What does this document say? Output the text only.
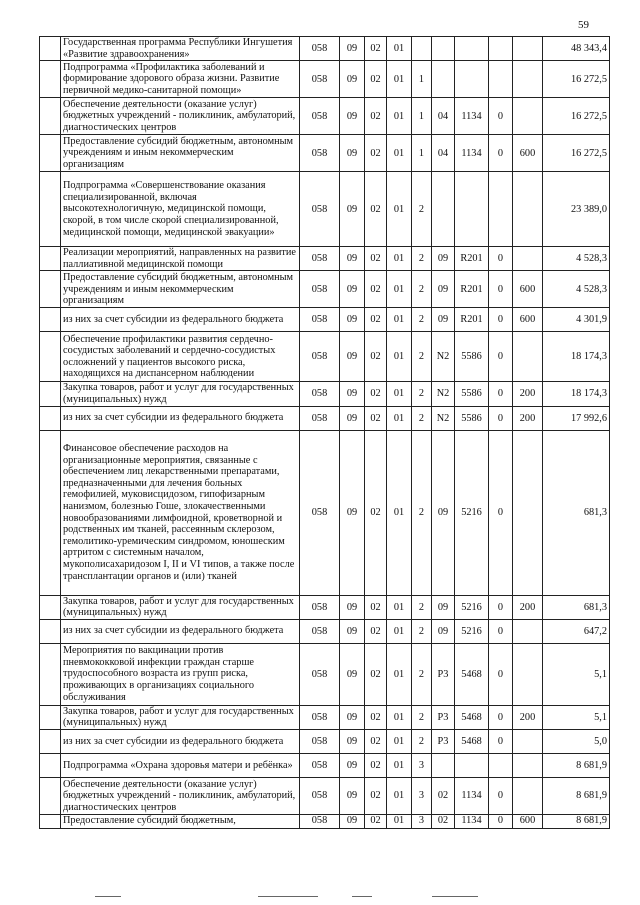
59
	Государственная программа Республики Ингушетия «Развитие здравоохранения»	058	09	02	01						48 343,4
	Подпрограмма «Профилактика заболеваний и формирование здорового образа жизни. Развитие первичной медико-санитарной помощи»	058	09	02	01	1					16 272,5
	Обеспечение деятельности (оказание услуг) бюджетных учреждений - поликлиник, амбулаторий, диагностических центров	058	09	02	01	1	04	1134	0		16 272,5
	Предоставление субсидий бюджетным, автономным учреждениям и иным некоммерческим организациям	058	09	02	01	1	04	1134	0	600	16 272,5
	Подпрограмма «Совершенствование оказания специализированной, включая высокотехнологичную, медицинской помощи, скорой, в том числе скорой специализированной, медицинской помощи, медицинской эвакуации»	058	09	02	01	2					23 389,0
	Реализации мероприятий, направленных на развитие паллиативной медицинской помощи	058	09	02	01	2	09	R201	0		4 528,3
	Предоставление субсидий бюджетным, автономным учреждениям и иным некоммерческим организациям	058	09	02	01	2	09	R201	0	600	4 528,3
	из них за счет субсидии из федерального бюджета	058	09	02	01	2	09	R201	0	600	4 301,9
	Обеспечение профилактики развития сердечно-сосудистых заболеваний и сердечно-сосудистых осложнений у пациентов высокого риска, находящихся на диспансерном наблюдении	058	09	02	01	2	N2	5586	0		18 174,3
	Закупка товаров, работ и услуг для государственных (муниципальных) нужд	058	09	02	01	2	N2	5586	0	200	18 174,3
	из них за счет субсидии из федерального бюджета	058	09	02	01	2	N2	5586	0	200	17 992,6
	Финансовое обеспечение расходов на организационные мероприятия, связанные с обеспечением лиц лекарственными препаратами, предназначенными для лечения больных гемофилией, муковисцидозом, гипофизарным нанизмом, болезнью Гоше, злокачественными новообразованиями лимфоидной, кроветворной и родственных им тканей, рассеянным склерозом, гемолитико-уремическим синдромом, юношеским артритом с системным началом, мукополисахаридозом I, II и VI типов, а также после трансплантации органов и (или) тканей	058	09	02	01	2	09	5216	0		681,3
	Закупка товаров, работ и услуг для государственных (муниципальных) нужд	058	09	02	01	2	09	5216	0	200	681,3
	из них за счет субсидии из федерального бюджета	058	09	02	01	2	09	5216	0		647,2
	Мероприятия по вакцинации против пневмококковой инфекции граждан старше трудоспособного возраста из групп риска, проживающих в организациях социального обслуживания	058	09	02	01	2	P3	5468	0		5,1
	Закупка товаров, работ и услуг для государственных (муниципальных) нужд	058	09	02	01	2	P3	5468	0	200	5,1
	из них за счет субсидии из федерального бюджета	058	09	02	01	2	P3	5468	0		5,0
	Подпрограмма «Охрана здоровья матери и ребёнка»	058	09	02	01	3					8 681,9
	Обеспечение деятельности (оказание услуг) бюджетных учреждений - поликлиник, амбулаторий, диагностических центров	058	09	02	01	3	02	1134	0		8 681,9
	Предоставление субсидий бюджетным,	058	09	02	01	3	02	1134	0	600	8 681,9
